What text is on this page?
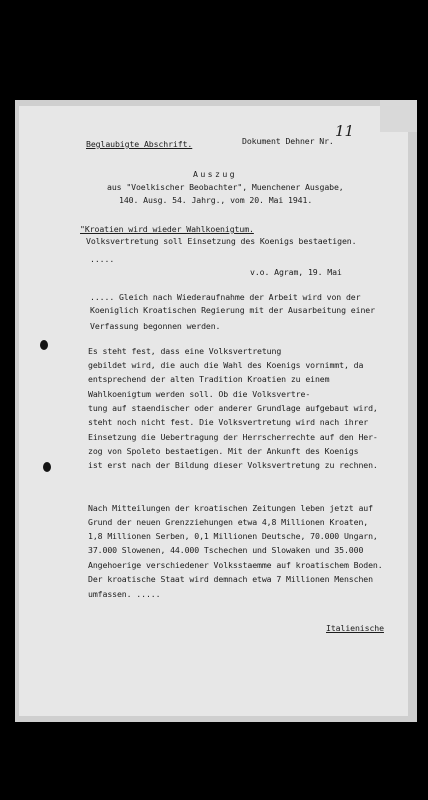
Beglaubigte Abschrift.	Dokument Dehner Nr.
11
Auszug
aus "Voelkischer Beobachter", Muenchener Ausgabe,
140. Ausg. 54. Jahrg., vom 20. Mai 1941.
"Kroatien wird wieder Wahlkoenigtum.
Volksvertretung soll Einsetzung des Koenigs bestaetigen.
.....
v.o. Agram, 19. Mai
..... Gleich nach Wiederaufnahme der Arbeit wird von der
Koeniglich Kroatischen Regierung mit der Ausarbeitung einer
Verfassung begonnen werden.
Es steht fest, dass eine Volksvertretung
gebildet wird, die auch die Wahl des Koenigs vornimmt, da
entsprechend der alten Tradition Kroatien zu einem
Wahlkoenigtum werden soll. Ob die Volksvertre-
tung auf staendischer oder anderer Grundlage aufgebaut wird,
steht noch nicht fest. Die Volksvertretung wird nach ihrer
Einsetzung die Uebertragung der Herrscherrechte auf den Her-
zog von Spoleto bestaetigen. Mit der Ankunft des Koenigs
ist erst nach der Bildung dieser Volksvertretung zu rechnen.
Nach Mitteilungen der kroatischen Zeitungen leben jetzt auf
Grund der neuen Grenzziehungen etwa 4,8 Millionen Kroaten,
1,8 Millionen Serben, 0,1 Millionen Deutsche, 70.000 Ungarn,
37.000 Slowenen, 44.000 Tschechen und Slowaken und 35.000
Angehoerige verschiedener Volksstaemme auf kroatischem Boden.
Der kroatische Staat wird demnach etwa 7 Millionen Menschen
umfassen. .....
Italienische
